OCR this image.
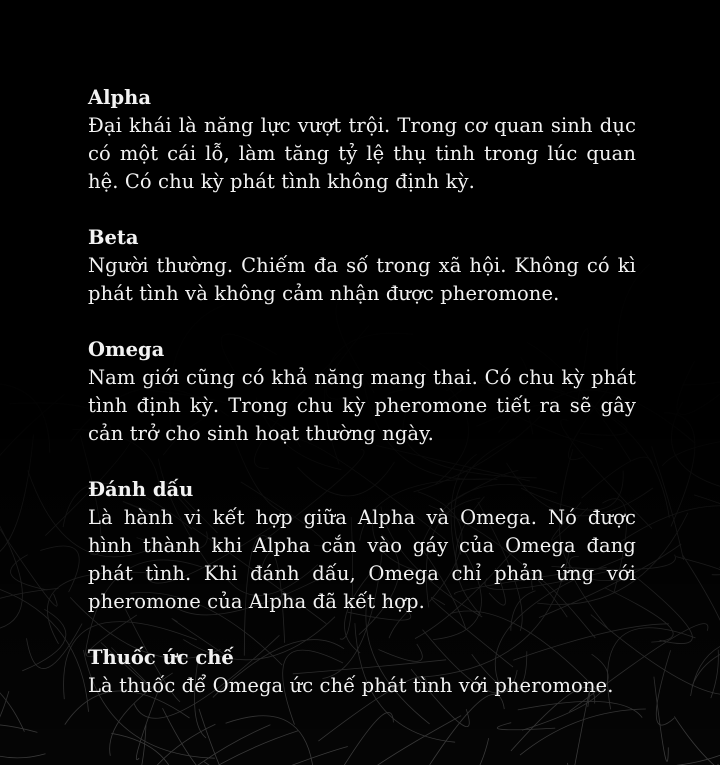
Alpha
Đại khái là năng lực vượt trội. Trong cơ quan sinh dục có một cái lỗ, làm tăng tỷ lệ thụ tinh trong lúc quan hệ. Có chu kỳ phát tình không định kỳ.
Beta
Người thường. Chiếm đa số trong xã hội. Không có kì phát tình và không cảm nhận được pheromone.
Omega
Nam giới cũng có khả năng mang thai. Có chu kỳ phát tình định kỳ. Trong chu kỳ pheromone tiết ra sẽ gây cản trở cho sinh hoạt thường ngày.
Đánh dấu
Là hành vi kết hợp giữa Alpha và Omega. Nó được hình thành khi Alpha cắn vào gáy của Omega đang phát tình. Khi đánh dấu, Omega chỉ phản ứng với pheromone của Alpha đã kết hợp.
Thuốc ức chế
Là thuốc để Omega ức chế phát tình với pheromone.
